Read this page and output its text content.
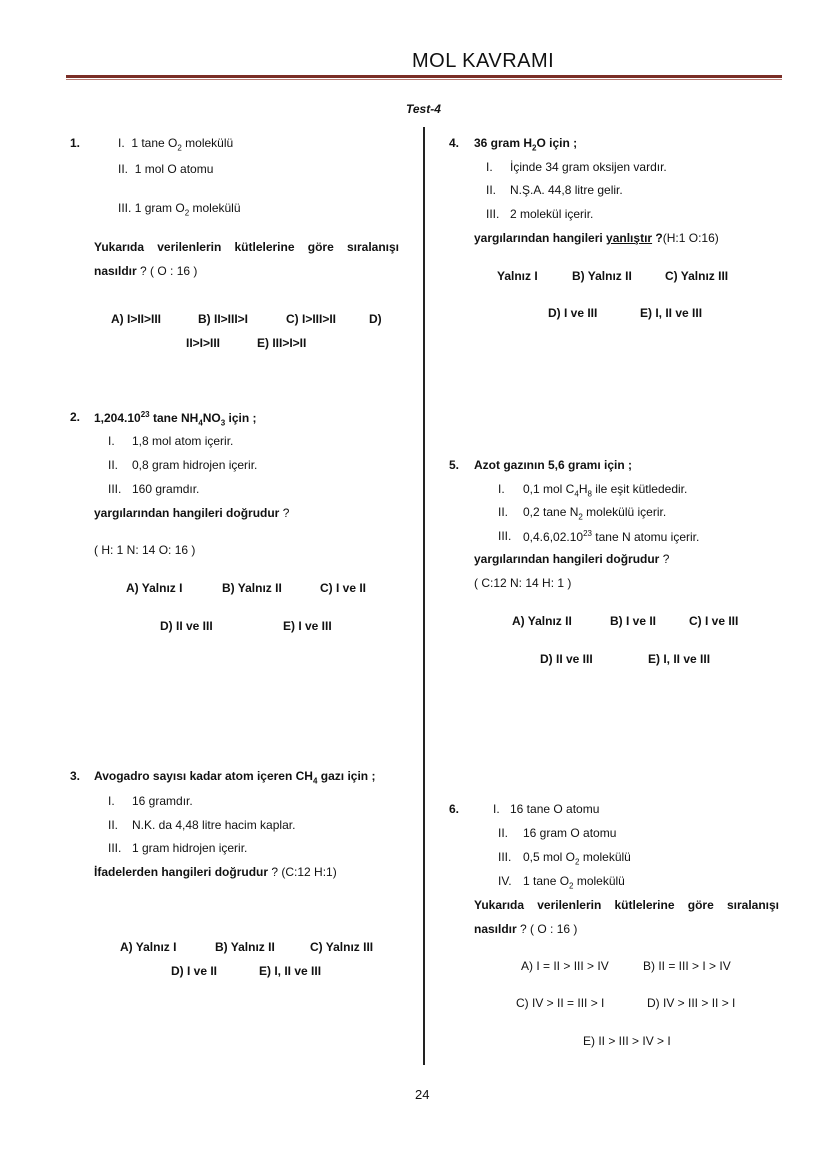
MOL KAVRAMI
Test-4
1.	I. 1 tane $O_2$ molekülü
II. 1 mol O atomu
III. 1 gram $O_2$ molekülü
Yukarıda verilenlerin kütlelerine göre sıralanışı
nasıldır ? ( O : 16 )
A) I>II>III	B) II>III>I	C) I>III>II	D)
II>I>III	E) III>I>II
2. 1,204.10$^{23}$ tane $NH_4NO_3$ için ;
I. 1,8 mol atom içerir.
II. 0,8 gram hidrojen içerir.
III. 160 gramdır.
yargılarından hangileri doğrudur ?
( H: 1 N: 14 O: 16 )
A) Yalnız I	B) Yalnız II	C) I ve II
D) II ve III	E) I ve III
3. Avogadro sayısı kadar atom içeren $CH_4$ gazı için ;
I. 16 gramdır.
II. N.K. da 4,48 litre hacim kaplar.
III. 1 gram hidrojen içerir.
İfadelerden hangileri doğrudur ? (C:12 H:1)
A) Yalnız I	B) Yalnız II	C) Yalnız III
D) I ve II	E) I, II ve III
4. 36 gram $H_2O$ için ;
I. İçinde 34 gram oksijen vardır.
II. N.Ş.A. 44,8 litre gelir.
III. 2 molekül içerir.
yargılarından hangileri yanlıştır ?(H:1 O:16)
Yalnız I	B) Yalnız II	C) Yalnız III
D) I ve III	E) I, II ve III
5. Azot gazının 5,6 gramı için ;
I. 0,1 mol $C_4H_8$ ile eşit kütlededir.
II. 0,2 tane $N_2$ molekülü içerir.
III. 0,4.6,02.10$^{23}$ tane N atomu içerir.
yargılarından hangileri doğrudur ?
( C:12 N: 14 H: 1 )
A) Yalnız II	B) I ve II	C) I ve III
D) II ve III	E) I, II ve III
6.	I. 16 tane O atomu
II. 16 gram O atomu
III. 0,5 mol $O_2$ molekülü
IV. 1 tane $O_2$ molekülü
Yukarıda verilenlerin kütlelerine göre sıralanışı
nasıldır ? ( O : 16 )
A) I = II > III > IV	B) II = III > I > IV
C) IV > II = III > I	D) IV > III > II > I
E) II > III > IV > I
24
